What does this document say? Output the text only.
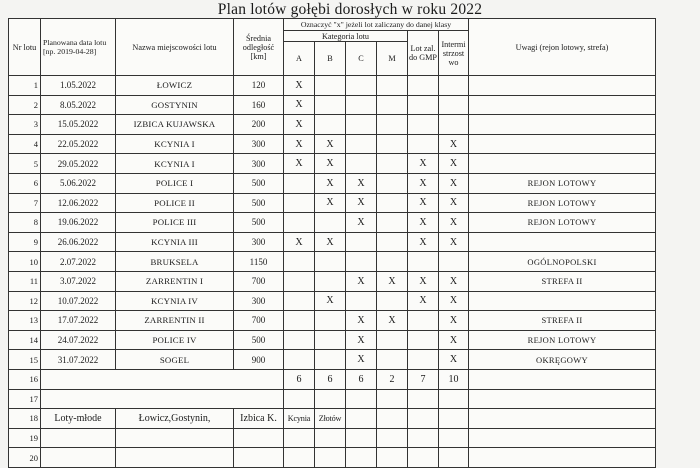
Plan lotów gołębi dorosłych w roku 2022
Nr lotu	Planowana data lotu [np. 2019-04-28]	Nazwa miejscowości lotu	Średnia odległość [km]	Oznaczyć "x" jeżeli lot zaliczany do danej klasy						Uwagi (rejon lotowy, strefa)
				Kategoria lotu				Lot zal. do GMP	Intermi strzost wo	
				A	B	C	M			
1	1.05.2022	ŁOWICZ	120	X						
2	8.05.2022	GOSTYNIN	160	X						
3	15.05.2022	IZBICA KUJAWSKA	200	X						
4	22.05.2022	KCYNIA I	300	X	X				X	
5	29.05.2022	KCYNIA I	300	X	X			X	X	
6	5.06.2022	POLICE I	500		X	X		X	X	REJON LOTOWY
7	12.06.2022	POLICE II	500		X	X		X	X	REJON LOTOWY
8	19.06.2022	POLICE III	500			X		X	X	REJON LOTOWY
9	26.06.2022	KCYNIA III	300	X	X			X	X	
10	2.07.2022	BRUKSELA	1150							OGÓLNOPOLSKI
11	3.07.2022	ZARRENTIN I	700			X	X	X	X	STREFA II
12	10.07.2022	KCYNIA IV	300		X			X	X	
13	17.07.2022	ZARRENTIN II	700			X	X		X	STREFA II
14	24.07.2022	POLICE IV	500			X			X	REJON LOTOWY
15	31.07.2022	SOGEL	900			X			X	OKRĘGOWY
16				6	6	6	2	7	10	
17										
18	Loty-młode	Łowicz,Gostynin,	Izbica K.	Kcynia	Złotów					
19										
20										
